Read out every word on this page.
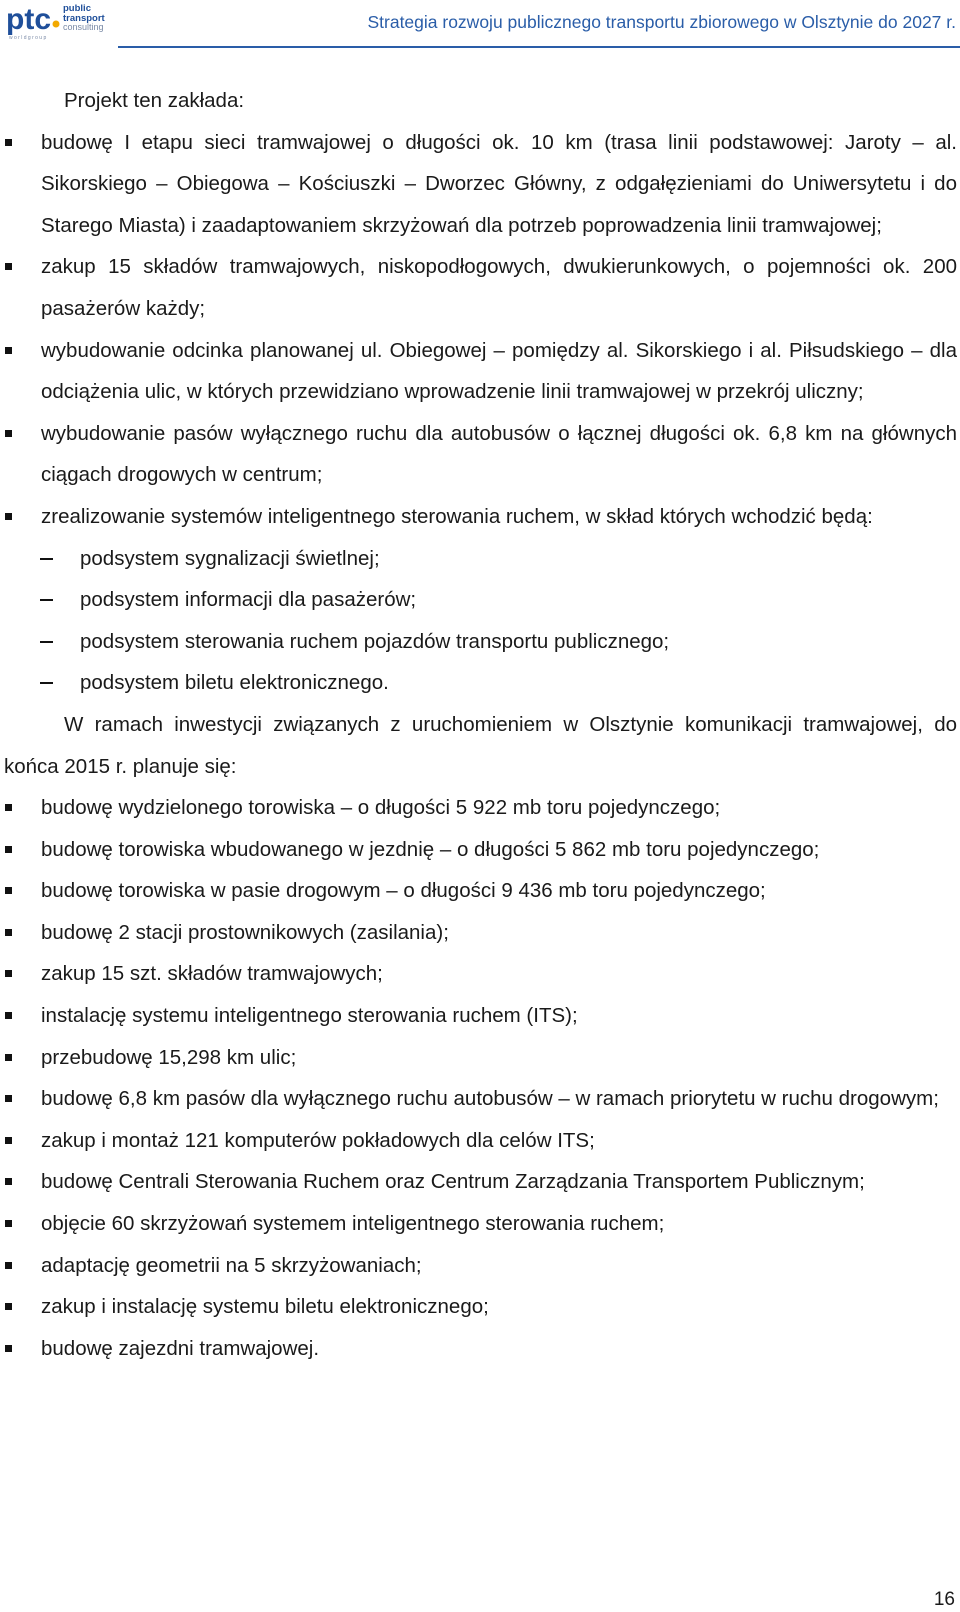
ptc public
transport
consulting
w o r l d g r o u p
Strategia rozwoju publicznego transportu zbiorowego w Olsztynie do 2027 r.

Projekt ten zakłada:

budowę I etapu sieci tramwajowej o długości ok. 10 km (trasa linii podstawowej: Jaroty – al. Sikorskiego – Obiegowa – Kościuszki – Dworzec Główny, z odgałęzieniami do Uniwersytetu i do Starego Miasta) i zaadaptowaniem skrzyżowań dla potrzeb poprowadzenia linii tramwajowej;
zakup 15 składów tramwajowych, niskopodłogowych, dwukierunkowych, o pojemności ok. 200 pasażerów każdy;
wybudowanie odcinka planowanej ul. Obiegowej – pomiędzy al. Sikorskiego i al. Piłsudskiego – dla odciążenia ulic, w których przewidziano wprowadzenie linii tramwajowej w przekrój uliczny;
wybudowanie pasów wyłącznego ruchu dla autobusów o łącznej długości ok. 6,8 km na głównych ciągach drogowych w centrum;
zrealizowanie systemów inteligentnego sterowania ruchem, w skład których wchodzić będą:
podsystem sygnalizacji świetlnej;
podsystem informacji dla pasażerów;
podsystem sterowania ruchem pojazdów transportu publicznego;
podsystem biletu elektronicznego.

W ramach inwestycji związanych z uruchomieniem w Olsztynie komunikacji tramwajowej, do końca 2015 r. planuje się:

budowę wydzielonego torowiska – o długości 5 922 mb toru pojedynczego;
budowę torowiska wbudowanego w jezdnię – o długości 5 862 mb toru pojedynczego;
budowę torowiska w pasie drogowym – o długości 9 436 mb toru pojedynczego;
budowę 2 stacji prostownikowych (zasilania);
zakup 15 szt. składów tramwajowych;
instalację systemu inteligentnego sterowania ruchem (ITS);
przebudowę 15,298 km ulic;
budowę 6,8 km pasów dla wyłącznego ruchu autobusów – w ramach priorytetu w ruchu drogowym;
zakup i montaż 121 komputerów pokładowych dla celów ITS;
budowę Centrali Sterowania Ruchem oraz Centrum Zarządzania Transportem Publicznym;
objęcie 60 skrzyżowań systemem inteligentnego sterowania ruchem;
adaptację geometrii na 5 skrzyżowaniach;
zakup i instalację systemu biletu elektronicznego;
budowę zajezdni tramwajowej.
16
